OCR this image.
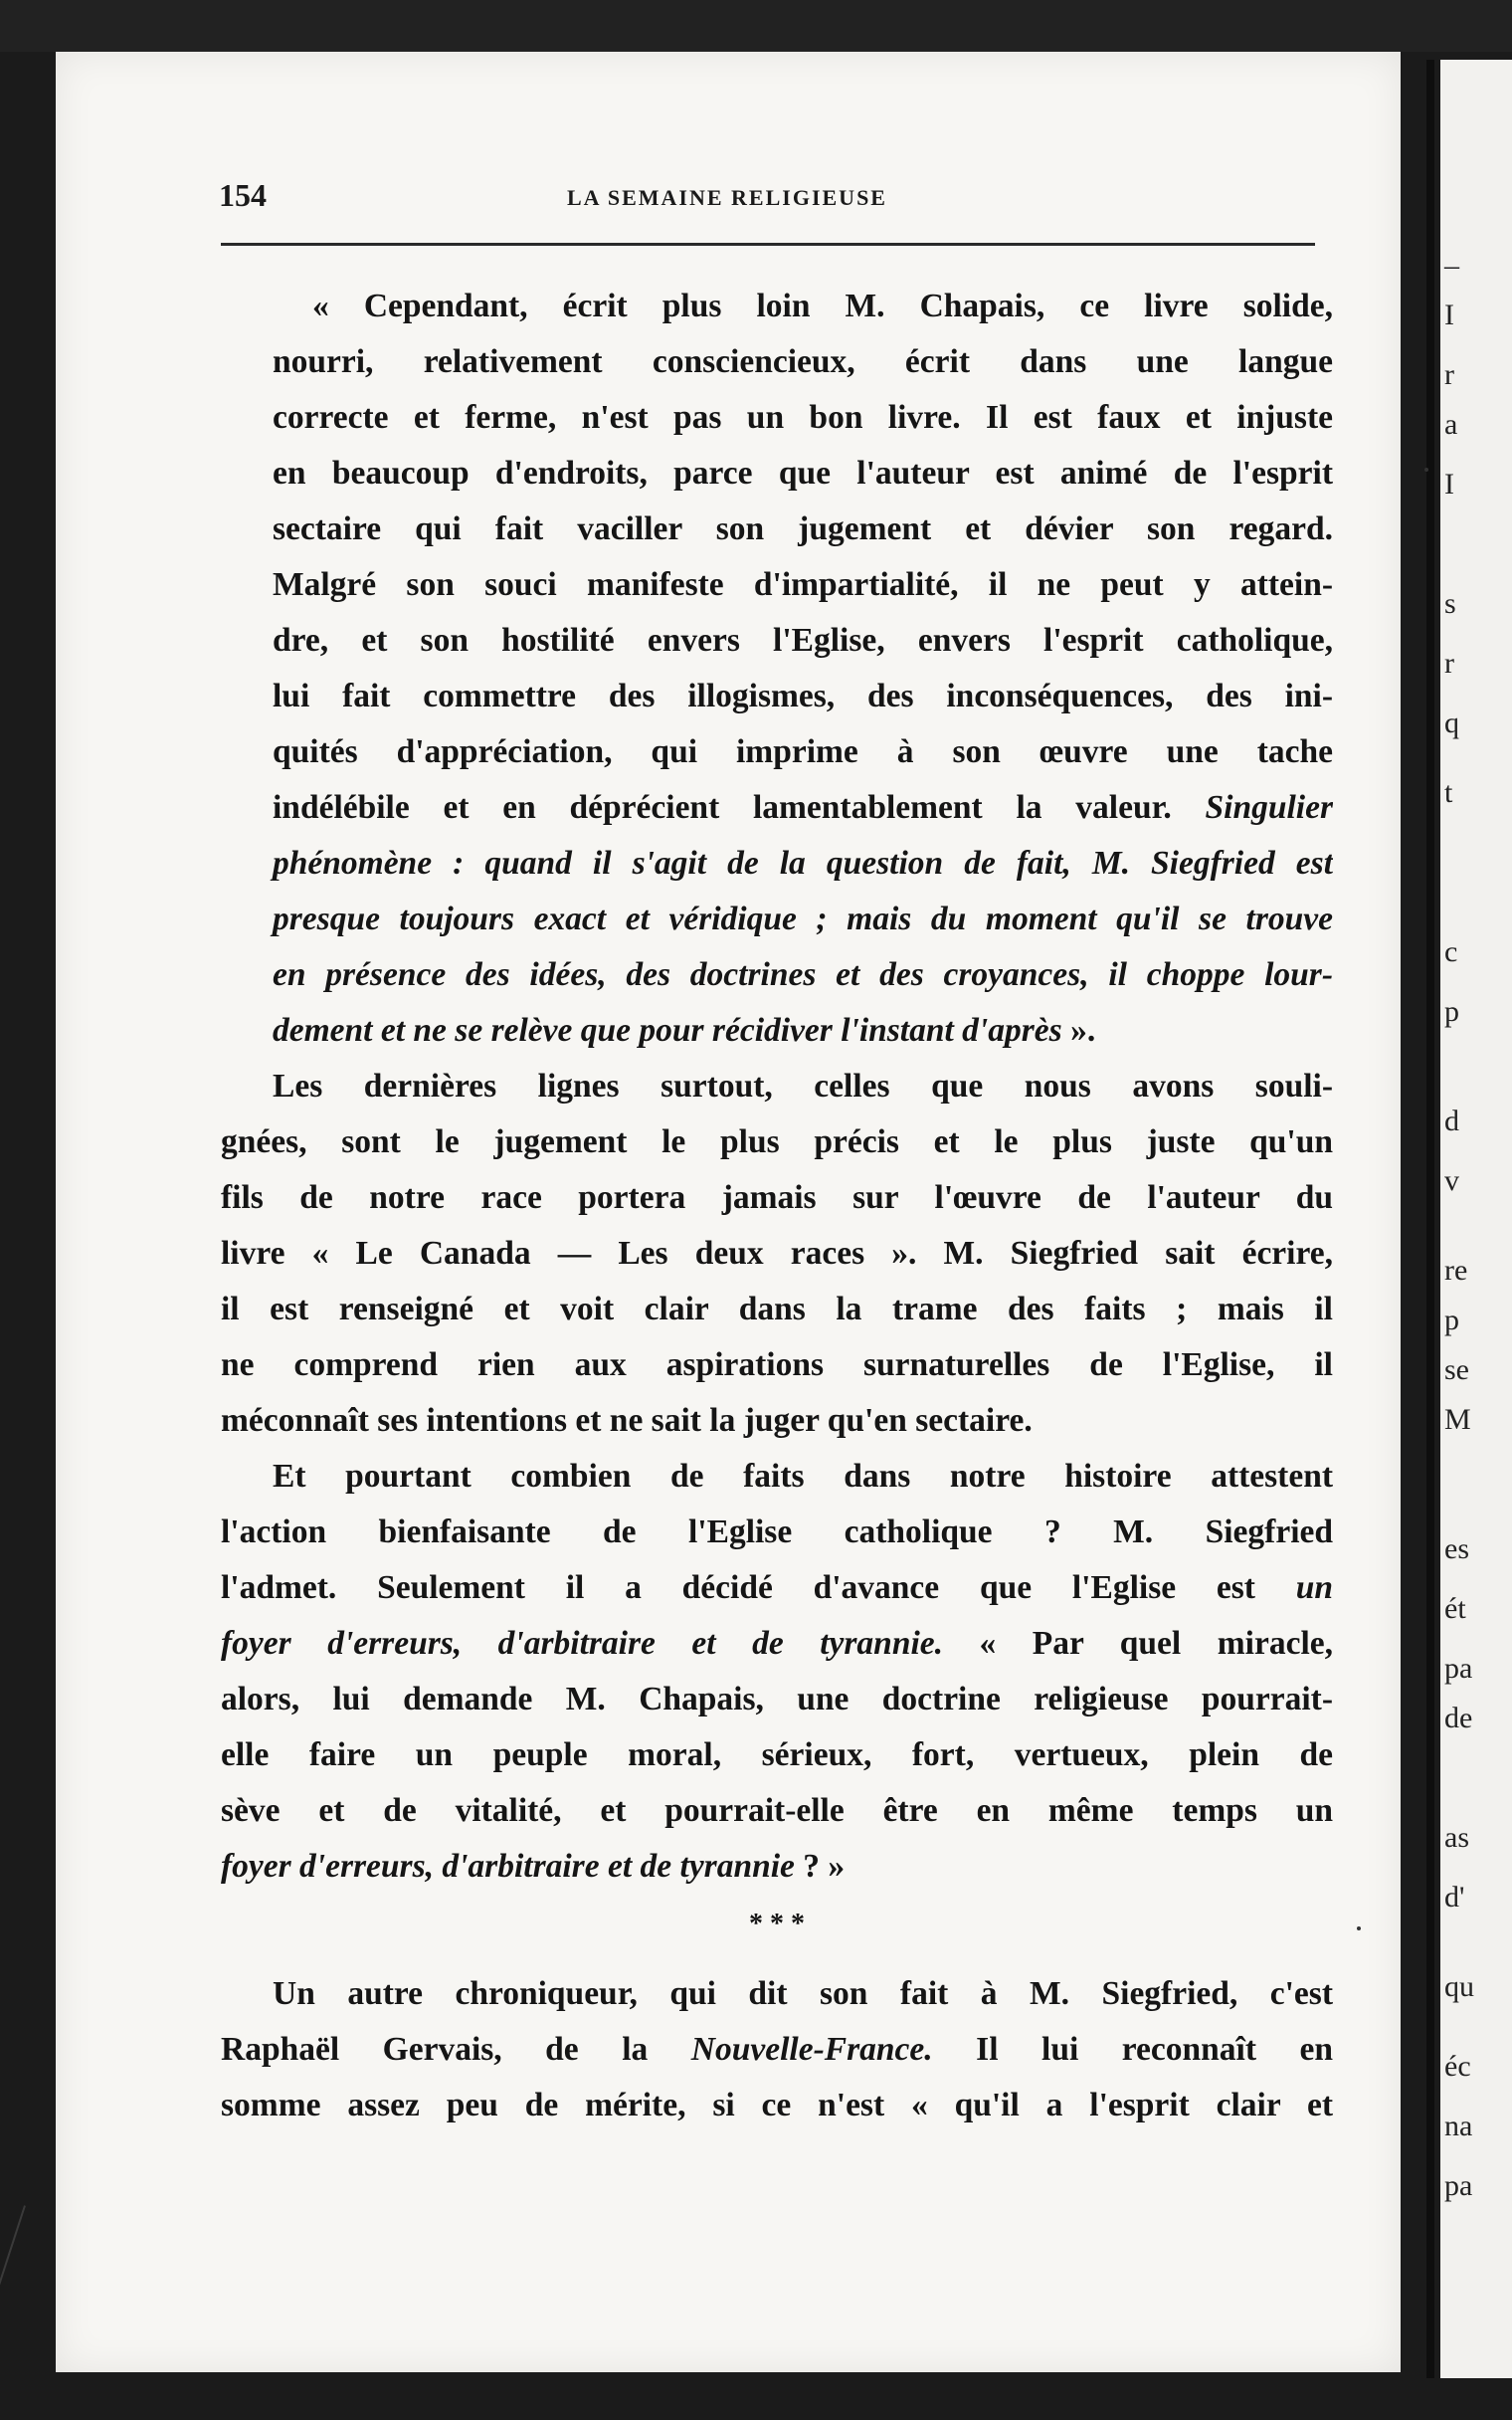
–
I
r
a
I
s
r
q
t
c
p
d
v
re
p
se
M
es
ét
pa
de
as
d'
qu
éc
na
pa
154	LA SEMAINE RELIGIEUSE
« Cependant, écrit plus loin M. Chapais, ce livre solide,
nourri, relativement consciencieux, écrit dans une langue
correcte et ferme, n'est pas un bon livre. Il est faux et injuste
en beaucoup d'endroits, parce que l'auteur est animé de l'esprit
sectaire qui fait vaciller son jugement et dévier son regard.
Malgré son souci manifeste d'impartialité, il ne peut y attein-
dre, et son hostilité envers l'Eglise, envers l'esprit catholique,
lui fait commettre des illogismes, des inconséquences, des ini-
quités d'appréciation, qui imprime à son œuvre une tache
indélébile et en déprécient lamentablement la valeur. Singulier
phénomène : quand il s'agit de la question de fait, M. Siegfried est
presque toujours exact et véridique ; mais du moment qu'il se trouve
en présence des idées, des doctrines et des croyances, il choppe lour-
dement et ne se relève que pour récidiver l'instant d'après ».
Les dernières lignes surtout, celles que nous avons souli-
gnées, sont le jugement le plus précis et le plus juste qu'un
fils de notre race portera jamais sur l'œuvre de l'auteur du
livre « Le Canada — Les deux races ». M. Siegfried sait écrire,
il est renseigné et voit clair dans la trame des faits ; mais il
ne comprend rien aux aspirations surnaturelles de l'Eglise, il
méconnaît ses intentions et ne sait la juger qu'en sectaire.
Et pourtant combien de faits dans notre histoire attestent
l'action bienfaisante de l'Eglise catholique ? M. Siegfried
l'admet. Seulement il a décidé d'avance que l'Eglise est un
foyer d'erreurs, d'arbitraire et de tyrannie. « Par quel miracle,
alors, lui demande M. Chapais, une doctrine religieuse pourrait-
elle faire un peuple moral, sérieux, fort, vertueux, plein de
sève et de vitalité, et pourrait-elle être en même temps un
foyer d'erreurs, d'arbitraire et de tyrannie ? »
* * *
Un autre chroniqueur, qui dit son fait à M. Siegfried, c'est
Raphaël Gervais, de la Nouvelle-France. Il lui reconnaît en
somme assez peu de mérite, si ce n'est « qu'il a l'esprit clair et
